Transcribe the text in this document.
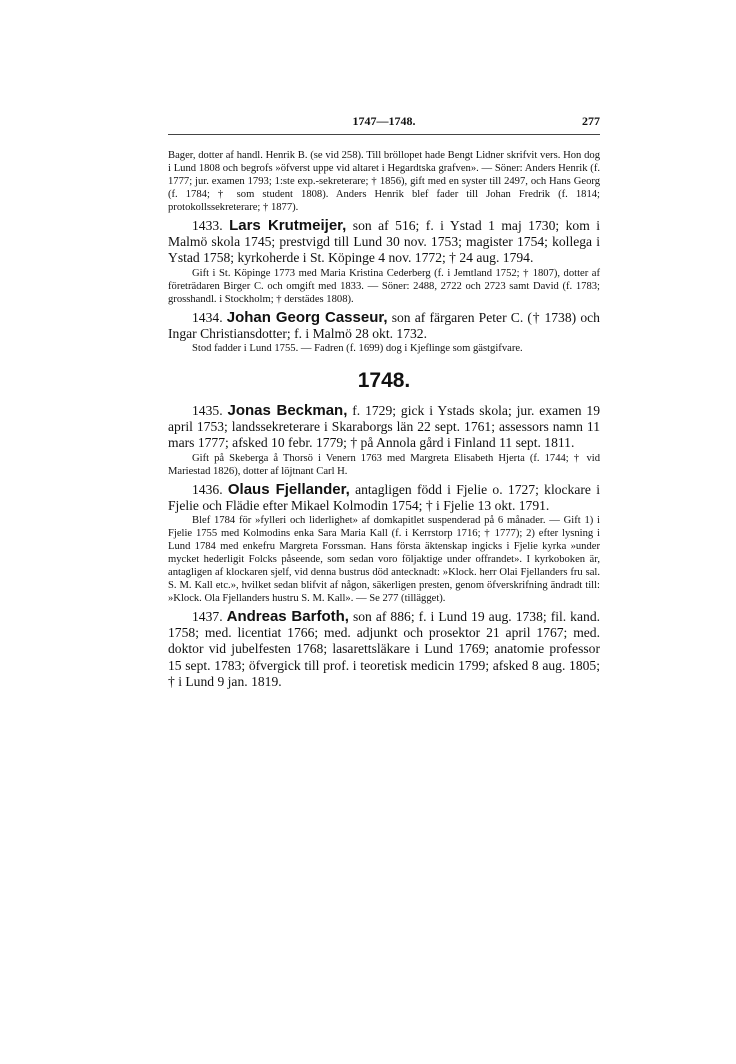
1747—1748.	277

Bager, dotter af handl. Henrik B. (se vid 258). Till bröllopet hade Bengt Lidner skrifvit vers. Hon dog i Lund 1808 och begrofs »öfverst uppe vid altaret i Hegardtska grafven». — Söner: Anders Henrik (f. 1777; jur. examen 1793; 1:ste exp.-sekreterare; † 1856), gift med en syster till 2497, och Hans Georg (f. 1784; † som student 1808). Anders Henrik blef fader till Johan Fredrik (f. 1814; protokollssekreterare; † 1877).

1433. Lars Krutmeijer, son af 516; f. i Ystad 1 maj 1730; kom i Malmö skola 1745; prestvigd till Lund 30 nov. 1753; magister 1754; kollega i Ystad 1758; kyrkoherde i St. Köpinge 4 nov. 1772; † 24 aug. 1794.

Gift i St. Köpinge 1773 med Maria Kristina Cederberg (f. i Jemtland 1752; † 1807), dotter af företrädaren Birger C. och omgift med 1833. — Söner: 2488, 2722 och 2723 samt David (f. 1783; grosshandl. i Stockholm; † derstädes 1808).

1434. Johan Georg Casseur, son af färgaren Peter C. († 1738) och Ingar Christiansdotter; f. i Malmö 28 okt. 1732.

Stod fadder i Lund 1755. — Fadren (f. 1699) dog i Kjeflinge som gästgifvare.

1748.

1435. Jonas Beckman, f. 1729; gick i Ystads skola; jur. examen 19 april 1753; landssekreterare i Skaraborgs län 22 sept. 1761; assessors namn 11 mars 1777; afsked 10 febr. 1779; † på Annola gård i Finland 11 sept. 1811.

Gift på Skeberga å Thorsö i Venern 1763 med Margreta Elisabeth Hjerta (f. 1744; † vid Mariestad 1826), dotter af löjtnant Carl H.

1436. Olaus Fjellander, antagligen född i Fjelie o. 1727; klockare i Fjelie och Flädie efter Mikael Kolmodin 1754; † i Fjelie 13 okt. 1791.

Blef 1784 för »fylleri och liderlighet» af domkapitlet suspenderad på 6 månader. — Gift 1) i Fjelie 1755 med Kolmodins enka Sara Maria Kall (f. i Kerrstorp 1716; † 1777); 2) efter lysning i Lund 1784 med enkefru Margreta Forssman. Hans första äktenskap ingicks i Fjelie kyrka »under mycket hederligit Folcks påseende, som sedan voro följaktige under offrandet». I kyrkoboken är, antagligen af klockaren sjelf, vid denna bustrus död antecknadt: »Klock. herr Olai Fjellanders fru sal. S. M. Kall etc.», hvilket sedan blifvit af någon, säkerligen presten, genom öfverskrifning ändradt till: »Klock. Ola Fjellanders hustru S. M. Kall». — Se 277 (tillägget).

1437. Andreas Barfoth, son af 886; f. i Lund 19 aug. 1738; fil. kand. 1758; med. licentiat 1766; med. adjunkt och prosektor 21 april 1767; med. doktor vid jubelfesten 1768; lasarettsläkare i Lund 1769; anatomie professor 15 sept. 1783; öfvergick till prof. i teoretisk medicin 1799; afsked 8 aug. 1805; † i Lund 9 jan. 1819.
